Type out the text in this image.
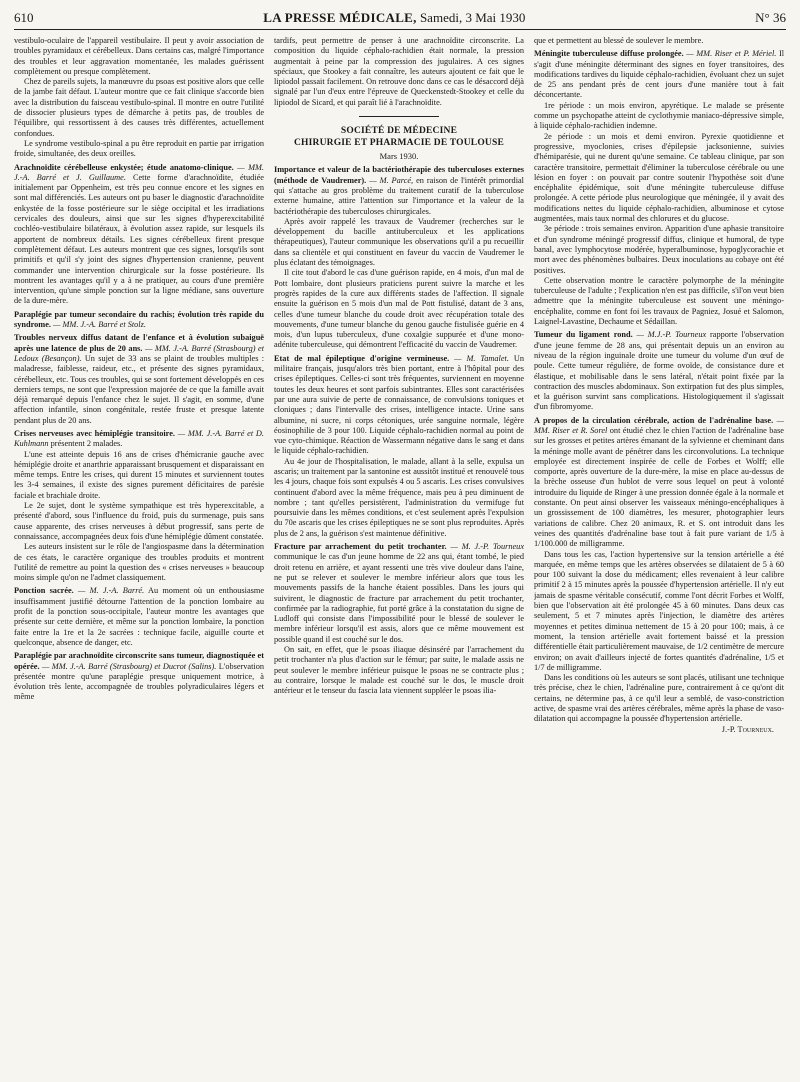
610	LA PRESSE MÉDICALE, Samedi, 3 Mai 1930	N° 36

vestibulo-oculaire de l'appareil vestibulaire. Il peut y avoir association de troubles pyramidaux et cérébelleux. Dans certains cas, malgré l'importance des troubles et leur aggravation momentanée, les malades guérissent complètement ou presque complètement.

Chez de pareils sujets, la manœuvre du psoas est positive alors que celle de la jambe fait défaut. L'auteur montre que ce fait clinique s'accorde bien avec la distribution du faisceau vestibulo-spinal. Il montre en outre l'utilité de dissocier plusieurs types de démarche à petits pas, de troubles de l'équilibre, qui ressortissent à des causes très différentes, actuellement confondues.

Le syndrome vestibulo-spinal a pu être reproduit en partie par irrigation froide, simultanée, des deux oreilles.

Arachnoïdite cérébelleuse enkystée; étude anatomo-clinique. — MM. J.-A. Barré et J. Guillaume. Cette forme d'arachnoïdite, étudiée initialement par Oppenheim, est très peu connue encore et les signes en sont mal différenciés. Les auteurs ont pu baser le diagnostic d'arachnoïdite enkystée de la fosse postérieure sur le siège occipital et les irradiations cervicales des douleurs, ainsi que sur les signes d'hyperexcitabilité cochléo-vestibulaire bilatéraux, à évolution assez rapide, sur lesquels ils apportent de nombreux détails. Les signes cérébelleux firent presque complètement défaut. Les auteurs montrent que ces signes, lorsqu'ils sont primitifs et qu'il s'y joint des signes d'hypertension cranienne, peuvent commander une intervention chirurgicale sur la fosse postérieure. Ils montrent les avantages qu'il y a à ne pratiquer, au cours d'une première intervention, qu'une simple ponction sur la ligne médiane, sans ouverture de la dure-mère.

Paraplégie par tumeur secondaire du rachis; évolution très rapide du syndrome. — MM. J.-A. Barré et Stolz.

Troubles nerveux diffus datant de l'enfance et à évolution subaiguë après une latence de plus de 20 ans. — MM. J.-A. Barré (Strasbourg) et Ledoux (Besançon). Un sujet de 33 ans se plaint de troubles multiples : maladresse, faiblesse, raideur, etc., et présente des signes pyramidaux, cérébelleux, etc. Tous ces troubles, qui se sont fortement développés en ces derniers temps, ne sont que l'expression majorée de ce que la famille avait déjà remarqué depuis l'enfance chez le sujet. Il s'agit, en somme, d'une affection infantile, sinon congénitale, restée fruste et presque latente pendant plus de 20 ans.

Crises nerveuses avec hémiplégie transitoire. — MM. J.-A. Barré et D. Kuhlmann présentent 2 malades.

L'une est atteinte depuis 16 ans de crises d'hémicranie gauche avec hémiplégie droite et anarthrie apparaissant brusquement et disparaissant en même temps. Entre les crises, qui durent 15 minutes et surviennent toutes les 3-4 semaines, il existe des signes purement déficitaires de parésie faciale et brachiale droite.

Le 2e sujet, dont le système sympathique est très hyperexcitable, a présenté d'abord, sous l'influence du froid, puis du surmenage, puis sans cause apparente, des crises nerveuses à début progressif, sans perte de connaissance, accompagnées deux fois d'une hémiplégie dûment constatée.

Les auteurs insistent sur le rôle de l'angiospasme dans la détermination de ces états, le caractère organique des troubles produits et montrent l'utilité de remettre au point la question des « crises nerveuses » beaucoup moins simple qu'on ne l'admet classiquement.

Ponction sacrée. — M. J.-A. Barré. Au moment où un enthousiasme insuffisamment justifié détourne l'attention de la ponction lombaire au profit de la ponction sous-occipitale, l'auteur montre les avantages que présente sur cette dernière, et même sur la ponction lombaire, la ponction faite entre la 1re et la 2e sacrées : technique facile, aiguille courte et quelconque, absence de danger, etc.

Paraplégie par arachnoïdite circonscrite sans tumeur, diagnostiquée et opérée. — MM. J.-A. Barré (Strasbourg) et Ducrot (Salins). L'observation présentée montre qu'une paraplégie presque uniquement motrice, à évolution très lente, accompagnée de troubles polyradiculaires légers et même

tardifs, peut permettre de penser à une arachnoïdite circonscrite. La composition du liquide céphalo-rachidien était normale, la pression augmentait à peine par la compression des jugulaires. A ces signes spéciaux, que Stookey a fait connaître, les auteurs ajoutent ce fait que le lipiodol passait facilement. On retrouve donc dans ce cas le désaccord déjà signalé par l'un d'eux entre l'épreuve de Queckenstedt-Stookey et celle du lipiodol de Sicard, et qui paraît lié à l'arachnoïdite.

SOCIÉTÉ DE MÉDECINE
CHIRURGIE ET PHARMACIE DE TOULOUSE
Mars 1930.

Importance et valeur de la bactériothérapie des tuberculoses externes (méthode de Vaudremer). — M. Parcé, en raison de l'intérêt primordial qui s'attache au gros problème du traitement curatif de la tuberculose externe humaine, attire l'attention sur l'importance et la valeur de la bactériothérapie des tuberculoses chirurgicales.

Après avoir rappelé les travaux de Vaudremer (recherches sur le développement du bacille antituberculeux et les applications thérapeutiques), l'auteur communique les observations qu'il a pu recueillir dans sa clientèle et qui constituent en faveur du vaccin de Vaudremer le plus éclatant des témoignages.

Il cite tout d'abord le cas d'une guérison rapide, en 4 mois, d'un mal de Pott lombaire, dont plusieurs praticiens purent suivre la marche et les progrès rapides de la cure aux différents stades de l'affection. Il signale ensuite la guérison en 5 mois d'un mal de Pott fistulisé, datant de 3 ans, celles d'une tumeur blanche du coude droit avec récupération totale des mouvements, d'une tumeur blanche du genou gauche fistulisée guérie en 4 mois, d'un lupus tuberculeux, d'une coxalgie suppurée et d'une mono-adénite tuberculeuse, qui démontrent l'efficacité du vaccin de Vaudremer.

Etat de mal épileptique d'origine vermineuse. — M. Tamalet. Un militaire français, jusqu'alors très bien portant, entre à l'hôpital pour des crises épileptiques. Celles-ci sont très fréquentes, surviennent en moyenne toutes les deux heures et sont parfois subintrantes. Elles sont caractérisées par une aura suivie de perte de connaissance, de convulsions toniques et cloniques ; dans l'intervalle des crises, intelligence intacte. Urine sans albumine, ni sucre, ni corps cétoniques, urée sanguine normale, légère éosinophilie de 3 pour 100. Liquide céphalo-rachidien normal au point de vue cyto-chimique. Réaction de Wassermann négative dans le sang et dans le liquide céphalo-rachidien.

Au 4e jour de l'hospitalisation, le malade, allant à la selle, expulsa un ascaris; un traitement par la santonine est aussitôt institué et renouvelé tous les 4 jours, chaque fois sont expulsés 4 ou 5 ascaris. Les crises convulsives continuent d'abord avec la même fréquence, mais peu à peu diminuent de nombre ; tant qu'elles persistèrent, l'administration du vermifuge fut poursuivie dans les mêmes conditions, et c'est seulement après l'expulsion du 70e ascaris que les crises épileptiques ne se sont plus reproduites. Après plus de 2 ans, la guérison s'est maintenue définitive.

Fracture par arrachement du petit trochanter. — M. J.-P. Tourneux communique le cas d'un jeune homme de 22 ans qui, étant tombé, le pied droit retenu en arrière, et ayant ressenti une très vive douleur dans l'aine, ne put se relever et soulever le membre inférieur alors que tous les mouvements passifs de la hanche étaient possibles. Dans les jours qui suivirent, le diagnostic de fracture par arrachement du petit trochanter, confirmée par la radiographie, fut porté grâce à la constatation du signe de Ludloff qui consiste dans l'impossibilité pour le blessé de soulever le membre inférieur lorsqu'il est assis, alors que ce même mouvement est possible quand il est couché sur le dos.

On sait, en effet, que le psoas iliaque désinséré par l'arrachement du petit trochanter n'a plus d'action sur le fémur; par suite, le malade assis ne peut soulever le membre inférieur puisque le psoas ne se contracte plus ; au contraire, lorsque le malade est couché sur le dos, le muscle droit antérieur et le tenseur du fascia lata viennent suppléer le psoas ilia-

que et permettent au blessé de soulever le membre.

Méningite tuberculeuse diffuse prolongée. — MM. Riser et P. Mériel. Il s'agit d'une méningite déterminant des signes en foyer transitoires, des modifications tardives du liquide céphalo-rachidien, évoluant chez un sujet de 25 ans pendant près de cent jours d'une manière tout à fait déconcertante.

1re période : un mois environ, apyrétique. Le malade se présente comme un psychopathe atteint de cyclothymie maniaco-dépressive simple, à liquide céphalo-rachidien indemne.

2e période : un mois et demi environ. Pyrexie quotidienne et progressive, myoclonies, crises d'épilepsie jacksonienne, suivies d'hémiparésie, qui ne durent qu'une semaine. Ce tableau clinique, par son caractère transitoire, permettait d'éliminer la tuberculose cérébrale ou une lésion en foyer : on pouvait par contre soutenir l'hypothèse soit d'une encéphalite épidémique, soit d'une méningite tuberculeuse diffuse prolongée. A cette période plus neurologique que méningée, il y avait des modifications nettes du liquide céphalo-rachidien, albuminose et cytose augmentées, mais taux normal des chlorures et du glucose.

3e période : trois semaines environ. Apparition d'une aphasie transitoire et d'un syndrome méningé progressif diffus, clinique et humoral, de type banal, avec lymphocytose modérée, hyperalbuminose, hypoglycorachie et mort avec des phénomènes bulbaires. Deux inoculations au cobaye ont été positives.

Cette observation montre le caractère polymorphe de la méningite tuberculeuse de l'adulte ; l'explication n'en est pas difficile, s'il'on veut bien admettre que la méningite tuberculeuse est souvent une méningo-encéphalite, comme en font foi les travaux de Pagniez, Josué et Salomon, Laignel-Lavastine, Dechaume et Sédaillan.

Tumeur du ligament rond. — M.J.-P. Tourneux rapporte l'observation d'une jeune femme de 28 ans, qui présentait depuis un an environ au niveau de la région inguinale droite une tumeur du volume d'un œuf de poule. Cette tumeur régulière, de forme ovoïde, de consistance dure et élastique, et mobilisable dans le sens latéral, n'était point fixée par la contraction des muscles abdominaux. Son extirpation fut des plus simples, et la guérison survint sans complications. Histologiquement il s'agissait d'un fibromyome.

A propos de la circulation cérébrale, action de l'adrénaline base. — MM. Riser et R. Sorel ont étudié chez le chien l'action de l'adrénaline base sur les grosses et petites artères émanant de la sylvienne et cheminant dans la méninge molle avant de pénétrer dans les circonvolutions. La technique employée est directement inspirée de celle de Forbes et Wolff; elle comporte, après ouverture de la dure-mère, la mise en place au-dessus de la brèche osseuse d'un hublot de verre sous lequel on peut à volonté introduire du liquide de Ringer à une pression donnée égale à la normale et constante. On peut ainsi observer les vaisseaux méningo-encéphaliques à un grossissement de 100 diamètres, les mesurer, photographier leurs variations de calibre. Chez 20 animaux, R. et S. ont introduit dans les veines des quantités d'adrénaline base tout à fait pure variant de 1/5 à 1/100.000 de milligramme.

Dans tous les cas, l'action hypertensive sur la tension artérielle a été marquée, en même temps que les artères observées se dilataient de 5 à 60 pour 100 suivant la dose du médicament; elles revenaient à leur calibre primitif 2 à 15 minutes après la poussée d'hypertension artérielle. Il n'y eut jamais de spasme véritable consécutif, comme l'ont décrit Forbes et Wolff, bien que l'observation ait été prolongée 45 à 60 minutes. Dans deux cas seulement, 5 et 7 minutes après l'injection, le diamètre des artères moyennes et petites diminua nettement de 15 à 20 pour 100; mais, à ce moment, la tension artérielle avait fortement baissé et la pression différentielle était particulièrement mauvaise, de 1/2 centimètre de mercure environ; on avait d'ailleurs injecté de fortes quantités d'adrénaline, 1/5 et 1/7 de milligramme.

Dans les conditions où les auteurs se sont placés, utilisant une technique très précise, chez le chien, l'adrénaline pure, contrairement à ce qu'ont dit certains, ne détermine pas, à ce qu'il leur a semblé, de vaso-constriction active, de spasme vrai des artères cérébrales, même après la phase de vaso-dilatation qui accompagne la poussée d'hypertension artérielle.

J.-P. Tourneux.
